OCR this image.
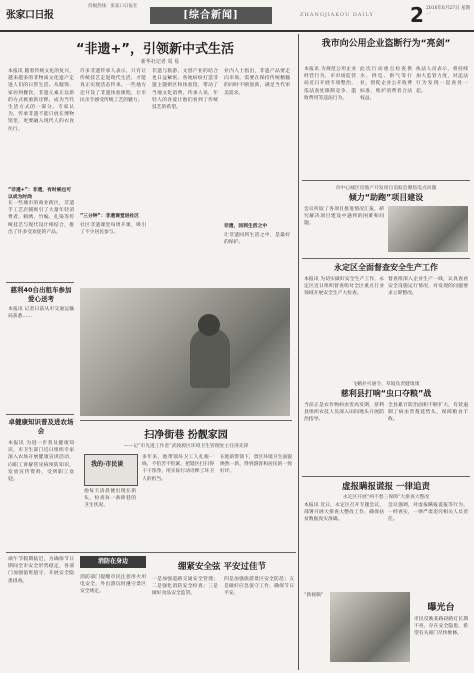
张家口日报
投稿热线：张家口日报社
[综合新闻]	ZHANGJIAKOU DAILY 2 2016年6月27日 星期一
“非遗+”，引领新中式生活
新华社记者 周 易
本报讯 随着传统文化的复兴，越来越多的非物质文化遗产走进人们的日常生活。从服饰、家居到餐饮，非遗元素正以新的方式被重新诠释，成为当代生活方式的一部分。专家认为，传承非遗不能只放在博物馆里，更要融入现代人的衣食住行。
“非遗+”：非遗，有时候也可以成为时尚
在一些城市的商业街区，非遗手工艺店铺吸引了大量年轻消费者。刺绣、竹编、扎染等传统技艺与现代设计相结合，推出了许多受欢迎的产品。
许多非遗传承人表示，只有让传统技艺走进现代生活，才能真正实现活态传承。一些地方还开设了非遗体验课程，让市民亲手感受传统工艺的魅力。
“三分钟”：非遗课堂进社区
社区非遗课堂每周开课，吸引了不少居民参与。
非遗与旅游、文创产业的结合也日益紧密。各地纷纷打造非遗主题街区和体验馆，带动了当地文化消费。传承人说，年轻人的喜爱让他们看到了传统技艺的希望。
业内人士指出，非遗产品要走向市场，需要在保持传统精髓的同时不断创新，满足当代审美需求。
非遗，回到生活之中
让非遗回到生活之中，是最好的保护。
慈利40台出租车参加爱心送考
本报讯 记者日前从市交通运输局获悉……
卓健康知识普及进农场会
本报讯 为进一步普及健康知识，市卫生部门近日组织专家深入农场开展健康宣讲活动，向职工讲解常见病预防知识，发放宣传资料，受到职工欢迎。
扫净街巷 扮靓家园
——记“市先进工作者”武陵源区环境卫生管理处主任邢先锋
我的·市民谈
他每天清晨便出现在街头，检查每一条街巷的卫生状况。
多年来，他带领环卫工人扎根一线，不怕苦不怕累，把辖区打扫得干干净净，用实际行动诠释了环卫人的担当。
在他的带领下，景区环境卫生面貌焕然一新，得到游客和居民的一致好评。
端午节假期临近，为确保节日期间全市安全形势稳定，各部门加强值班值守，开展安全隐患排查。
消防在身边
绷紧安全弦 平安过佳节
消防部门提醒市民注意用火用电安全，外出游玩时遵守景区安全规定。
一是加强道路交通安全管理；二是强化消防安全检查；三是做好食品安全监管。
四是加强旅游景区安全防范；五是做好应急值守工作，确保节日平安。
我市向公用企业盗断行为“亮剑”
本报讯 为规范公用企业经营行为，市市场监管局近日开展专项整治，依法查处限制竞争、滥收费用等违法行为。
此次行动重点检查供水、供电、供气等行业，督促企业公开收费标准，维护消费者合法权益。
执法人员表示，将持续加大监管力度，对违法行为发现一起查处一起。
市中心城区房地产开发项目追踪会聚焦电点问题
倾力“助跑”项目建设
会议听取了各项目推进情况汇报，研究解决项目建设中遇到的困难和问题。
永定区全面督查安全生产工作
本报讯 为切实做好安全生产工作，永定区近日组织督查组对全区重点行业领域开展安全生产大检查。
督查组深入企业生产一线，认真查看安全设施运行情况，对发现的问题要求立即整改。
飞蛾扑火通令，草坡负责健康康
慈利县打响“虫口夺粮”战
当前正是农作物病虫害高发期，慈利县组织农技人员深入田间地头开展防治指导。
全县累计防治面积不断扩大，有效遏制了病虫害蔓延势头，保障粮食丰收。
虚报瞒报谎报 一律追责
永定区开展“两不愁三保障”大排查大整改
本报讯 近日，永定区召开专题会议，部署开展大排查大整改工作，确保扶贫数据真实准确。
会议强调，对虚报瞒报谎报等行为，一经查实，一律严肃追究相关人员责任。
“新视频”
曝光台
市民反映某路段路灯长期不亮，存在安全隐患，希望有关部门尽快维修。
